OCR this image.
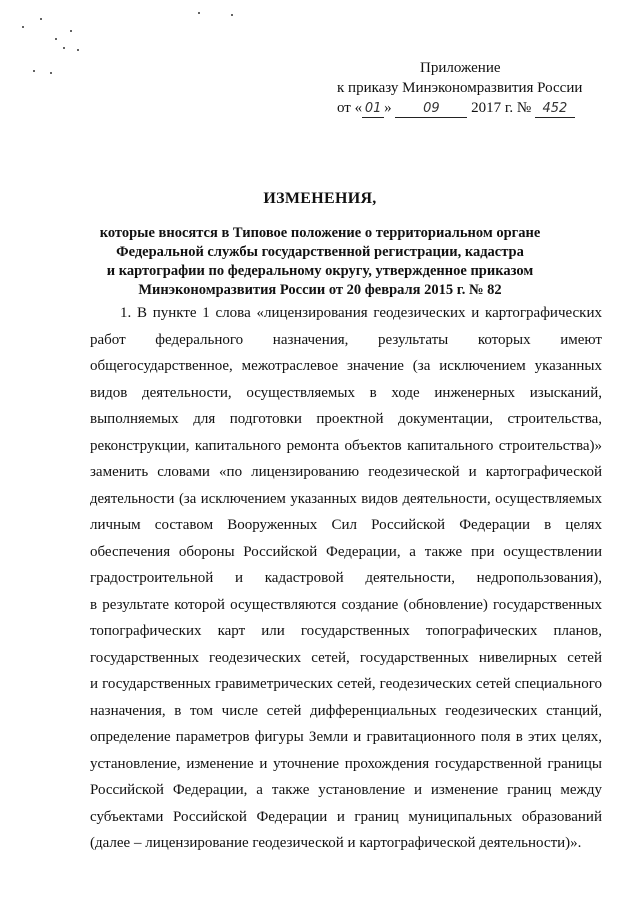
Приложение
к приказу Минэкономразвития России
от « 01 » 09 2017 г. № 452
ИЗМЕНЕНИЯ,
которые вносятся в Типовое положение о территориальном органе
Федеральной службы государственной регистрации, кадастра
и картографии по федеральному округу, утвержденное приказом
Минэкономразвития России от 20 февраля 2015 г. № 82
1. В пункте 1 слова «лицензирования геодезических и картографических
работ федерального назначения, результаты которых имеют
общегосударственное, межотраслевое значение (за исключением указанных
видов деятельности, осуществляемых в ходе инженерных изысканий,
выполняемых для подготовки проектной документации, строительства,
реконструкции, капитального ремонта объектов капитального строительства)»
заменить словами «по лицензированию геодезической и картографической
деятельности (за исключением указанных видов деятельности, осуществляемых
личным составом Вооруженных Сил Российской Федерации в целях
обеспечения обороны Российской Федерации, а также при осуществлении
градостроительной и кадастровой деятельности, недропользования),
в результате которой осуществляются создание (обновление) государственных
топографических карт или государственных топографических планов,
государственных геодезических сетей, государственных нивелирных сетей
и государственных гравиметрических сетей, геодезических сетей специального
назначения, в том числе сетей дифференциальных геодезических станций,
определение параметров фигуры Земли и гравитационного поля в этих целях,
установление, изменение и уточнение прохождения государственной границы
Российской Федерации, а также установление и изменение границ между
субъектами Российской Федерации и границ муниципальных образований
(далее – лицензирование геодезической и картографической деятельности)».
